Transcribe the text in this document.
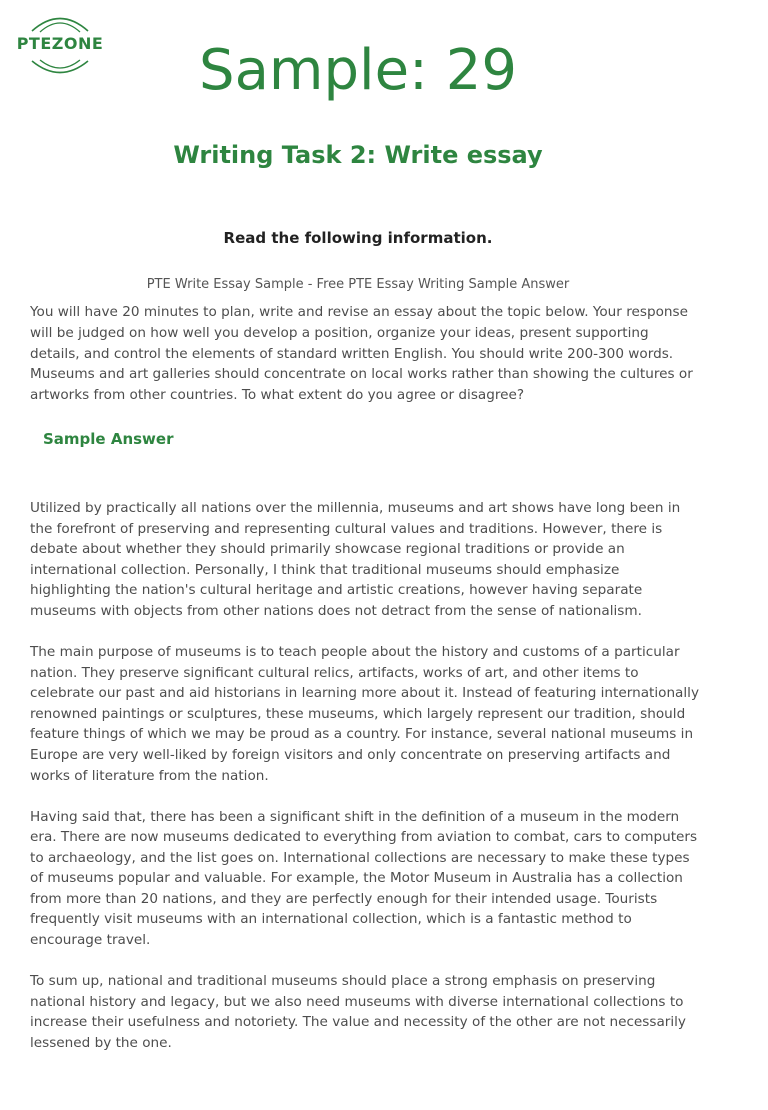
PTEZONE	Sample: 29
Writing Task 2: Write essay
Read the following information.
PTE Write Essay Sample - Free PTE Essay Writing Sample Answer

You will have 20 minutes to plan, write and revise an essay about the topic below. Your response will be judged on how well you develop a position, organize your ideas, present supporting details, and control the elements of standard written English. You should write 200-300 words. Museums and art galleries should concentrate on local works rather than showing the cultures or artworks from other countries. To what extent do you agree or disagree?

Sample Answer

Utilized by practically all nations over the millennia, museums and art shows have long been in the forefront of preserving and representing cultural values and traditions. However, there is debate about whether they should primarily showcase regional traditions or provide an international collection. Personally, I think that traditional museums should emphasize highlighting the nation's cultural heritage and artistic creations, however having separate museums with objects from other nations does not detract from the sense of nationalism.

The main purpose of museums is to teach people about the history and customs of a particular nation. They preserve significant cultural relics, artifacts, works of art, and other items to celebrate our past and aid historians in learning more about it. Instead of featuring internationally renowned paintings or sculptures, these museums, which largely represent our tradition, should feature things of which we may be proud as a country. For instance, several national museums in Europe are very well-liked by foreign visitors and only concentrate on preserving artifacts and works of literature from the nation.

Having said that, there has been a significant shift in the definition of a museum in the modern era. There are now museums dedicated to everything from aviation to combat, cars to computers to archaeology, and the list goes on. International collections are necessary to make these types of museums popular and valuable. For example, the Motor Museum in Australia has a collection from more than 20 nations, and they are perfectly enough for their intended usage. Tourists frequently visit museums with an international collection, which is a fantastic method to encourage travel.

To sum up, national and traditional museums should place a strong emphasis on preserving national history and legacy, but we also need museums with diverse international collections to increase their usefulness and notoriety. The value and necessity of the other are not necessarily lessened by the one.
